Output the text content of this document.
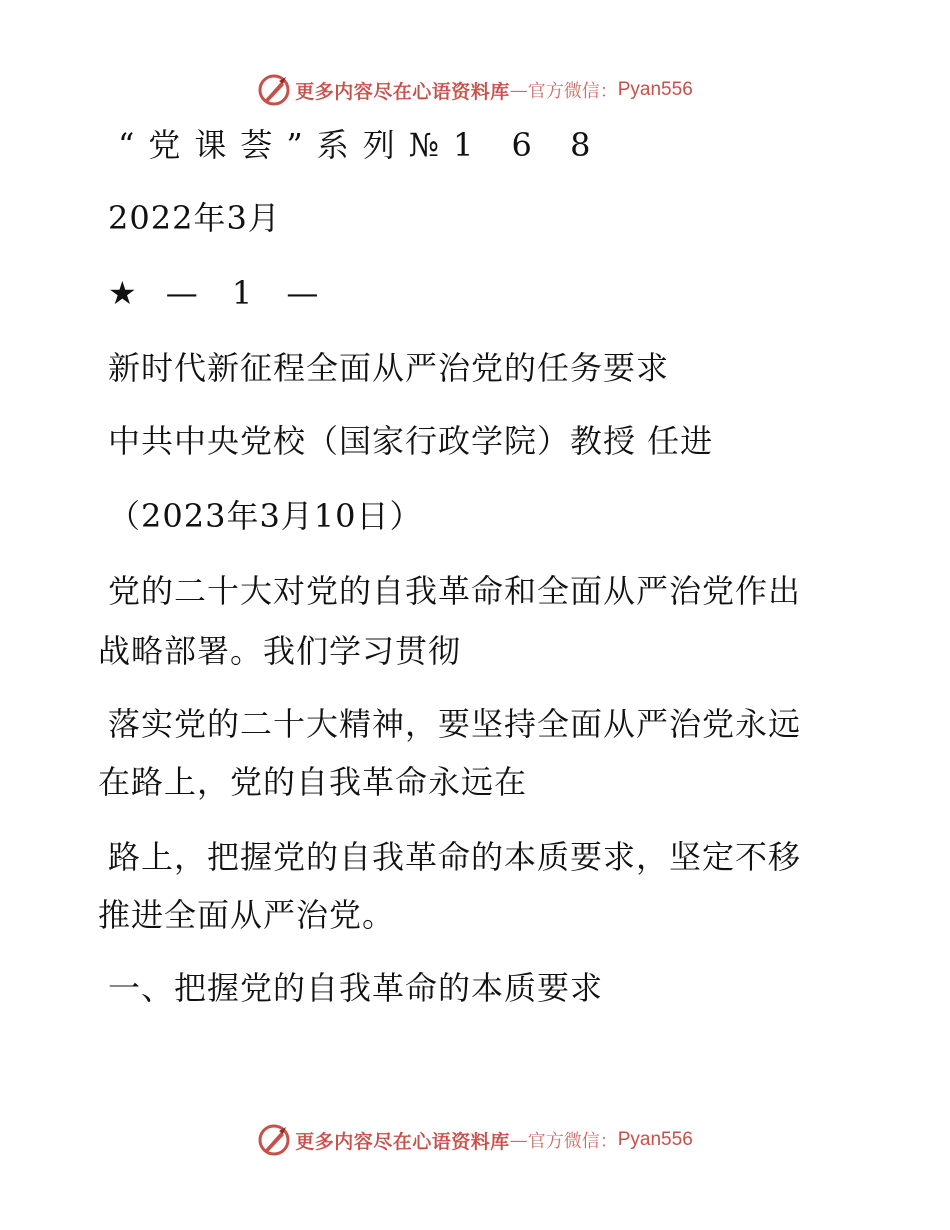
更多内容尽在心语资料库 — 官方微信： Pyan556
“党课荟”系列№1 6 8
2022年3月
★ — 1 —
新时代新征程全面从严治党的任务要求
中共中央党校（国家行政学院）教授 任进
（2023年3月10日）
党的二十大对党的自我革命和全面从严治党作出
战略部署。我们学习贯彻
落实党的二十大精神，要坚持全面从严治党永远
在路上，党的自我革命永远在
路上，把握党的自我革命的本质要求，坚定不移
推进全面从严治党。
一、把握党的自我革命的本质要求
更多内容尽在心语资料库 — 官方微信： Pyan556
